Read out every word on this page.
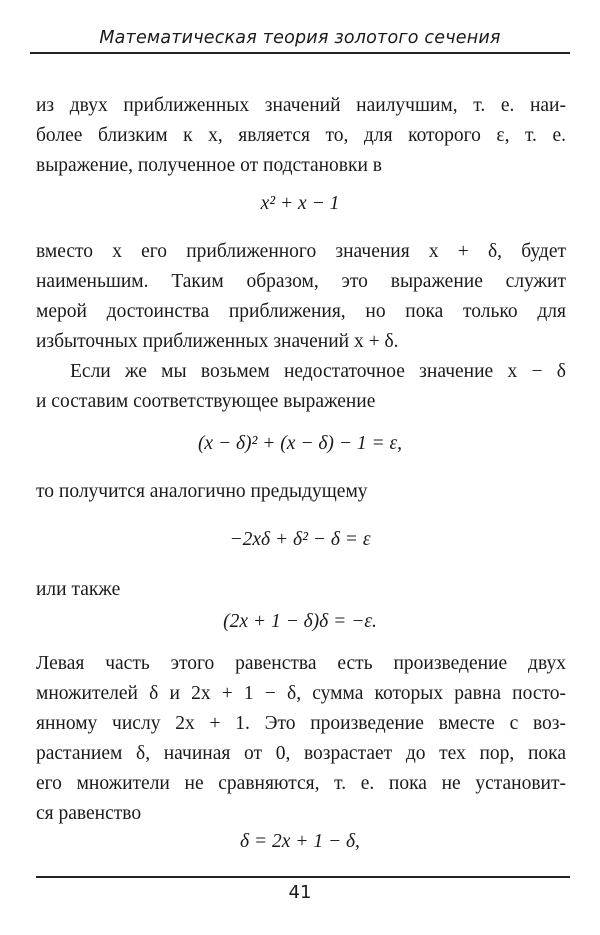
Математическая теория золотого сечения
из двух приближенных значений наилучшим, т. е. наи-
более близким к x, является то, для которого ε, т. е.
выражение, полученное от подстановки в
x² + x − 1
вместо x его приближенного значения x + δ, будет
наименьшим. Таким образом, это выражение служит
мерой достоинства приближения, но пока только для
избыточных приближенных значений x + δ.
Если же мы возьмем недостаточное значение x − δ
и составим соответствующее выражение
(x − δ)² + (x − δ) − 1 = ε,
то получится аналогично предыдущему
−2xδ + δ² − δ = ε
или также
(2x + 1 − δ)δ = −ε.
Левая часть этого равенства есть произведение двух
множителей δ и 2x + 1 − δ, сумма которых равна посто-
янному числу 2x + 1. Это произведение вместе с воз-
растанием δ, начиная от 0, возрастает до тех пор, пока
его множители не сравняются, т. е. пока не установит-
ся равенство
δ = 2x + 1 − δ,
41
